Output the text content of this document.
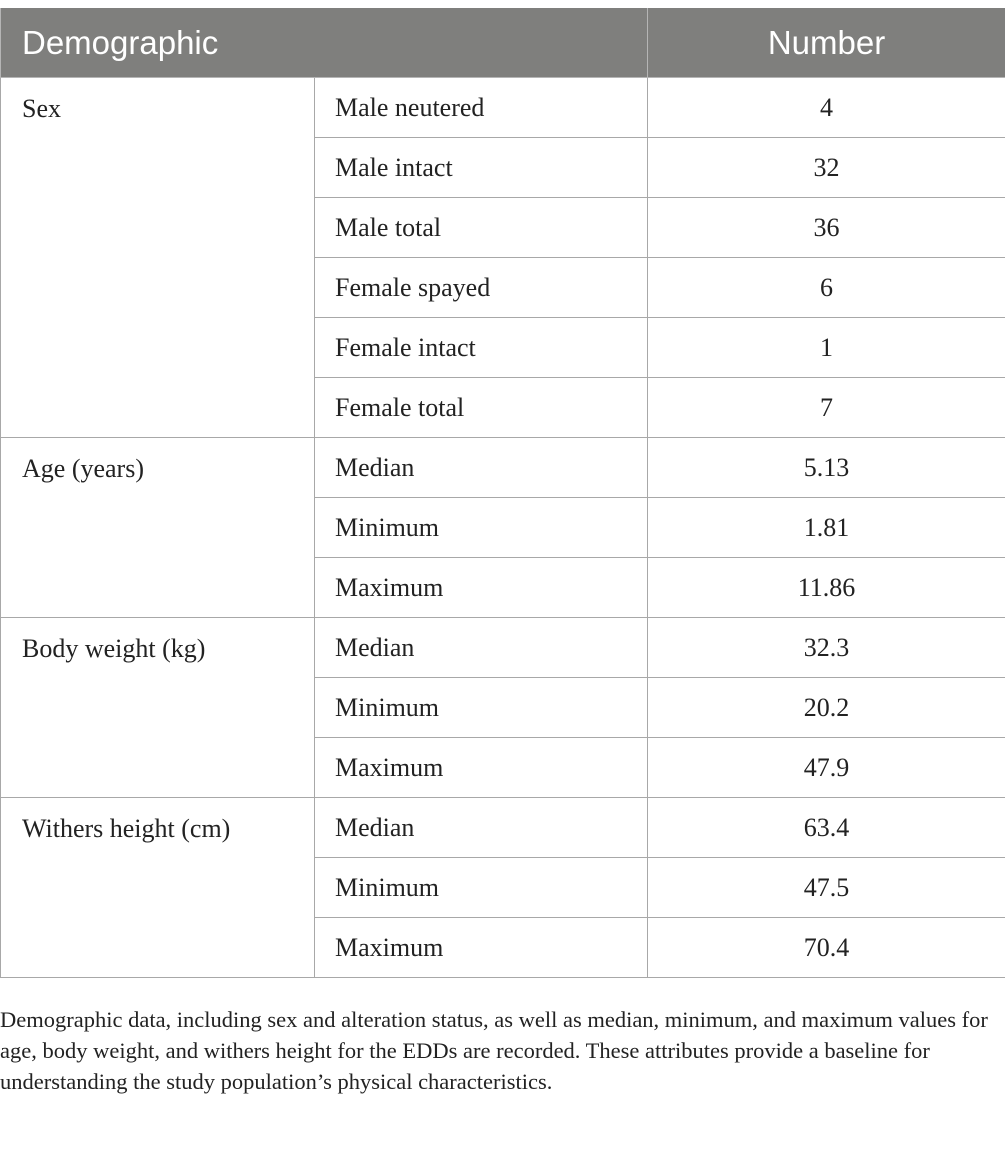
Demographic		Number
Sex	Male neutered	4
	Male intact	32
	Male total	36
	Female spayed	6
	Female intact	1
	Female total	7
Age (years)	Median	5.13
	Minimum	1.81
	Maximum	11.86
Body weight (kg)	Median	32.3
	Minimum	20.2
	Maximum	47.9
Withers height (cm)	Median	63.4
	Minimum	47.5
	Maximum	70.4

Demographic data, including sex and alteration status, as well as median, minimum, and maximum values for age, body weight, and withers height for the EDDs are recorded. These attributes provide a baseline for understanding the study population’s physical characteristics.
